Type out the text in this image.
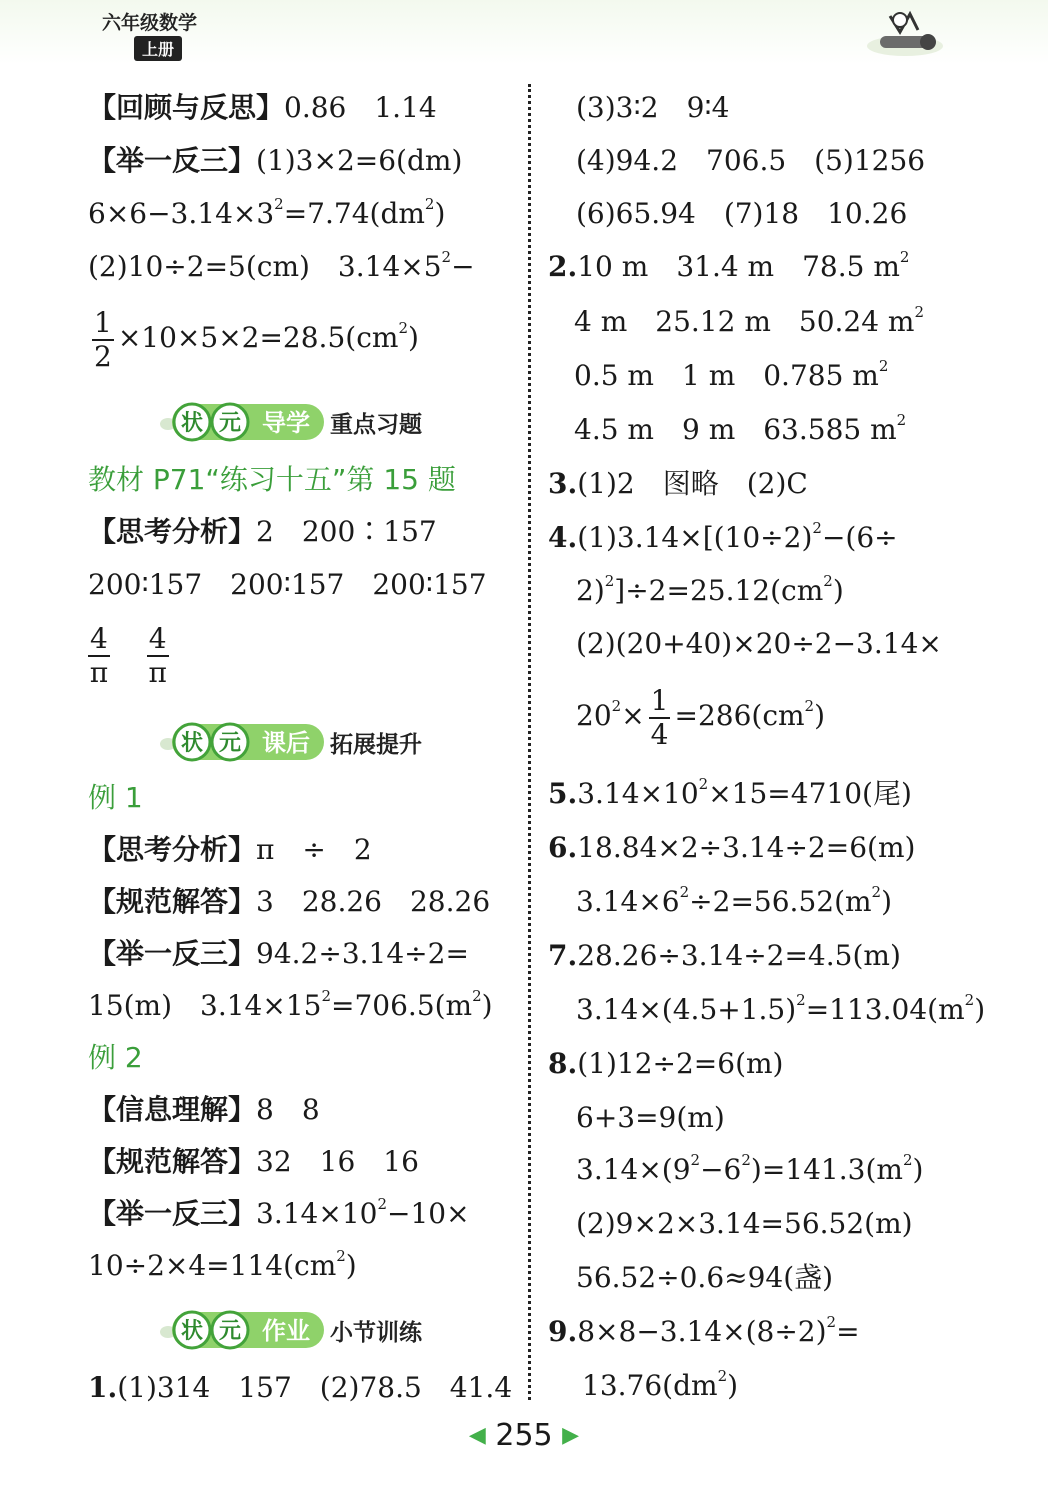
六年级数学
上册
【回顾与反思】0.86　1.14
【举一反三】(1)3×2=6(dm)
$6\times 6-3.14\times 3^2=7.74(dm^2)$
(2)10÷2=5(cm)　$3.14\times 5^2-$
$\frac{1}{2} \times 10\times 5\times 2=28.5(cm^2)$
状 元 导学 重点习题
教材 P71“练习十五”第 15 题
【思考分析】2　200∶157
200∶157　200∶157　200∶157
$\frac{4}{\pi}$
$\frac{4}{\pi}$
状 元 课后 拓展提升
例 1
【思考分析】π　÷　2
【规范解答】3　28.26　28.26
【举一反三】94.2÷3.14÷2=
15(m)　$3.14\times 15^2=706.5(m^2)$
例 2
【信息理解】8　8
【规范解答】32　16　16
【举一反三】$3.14\times 10^2-10\times$
$10\div 2\times 4=114(cm^2)$
状 元 作业 小节训练
1.(1)314　157　(2)78.5　41.4
(3)3∶2　9∶4
(4)94.2　706.5　(5)1256
(6)65.94　(7)18　10.26
2.10 m　31.4 m　78.5 $m^2$
4 m　25.12 m　50.24 $m^2$
0.5 m　1 m　0.785 $m^2$
4.5 m　9 m　63.585 $m^2$
3.(1)2　图略　(2)C
$4.(1)3.14\times[(10\div 2)^2-(6\div$
$2)^2]\div 2=25.12(cm^2)$
(2)(20+40)×20÷2−3.14×
$20^2\times \frac{1}{4} =286(cm^2)$
$5.3.14\times 10^2\times 15=4710$(尾)
6.18.84×2÷3.14÷2=6(m)
$3.14\times 6^2\div 2=56.52(m^2)$
7.28.26÷3.14÷2=4.5(m)
$3.14\times(4.5+1.5)^2=113.04(m^2)$
8.(1)12÷2=6(m)
6+3=9(m)
$3.14\times(9^2-6^2)=141.3(m^2)$
(2)9×2×3.14=56.52(m)
56.52÷0.6≈94(盏)
$9.8\times 8-3.14\times(8\div 2)^2=$
$13.76(dm^2)$
◀ 255 ▶
